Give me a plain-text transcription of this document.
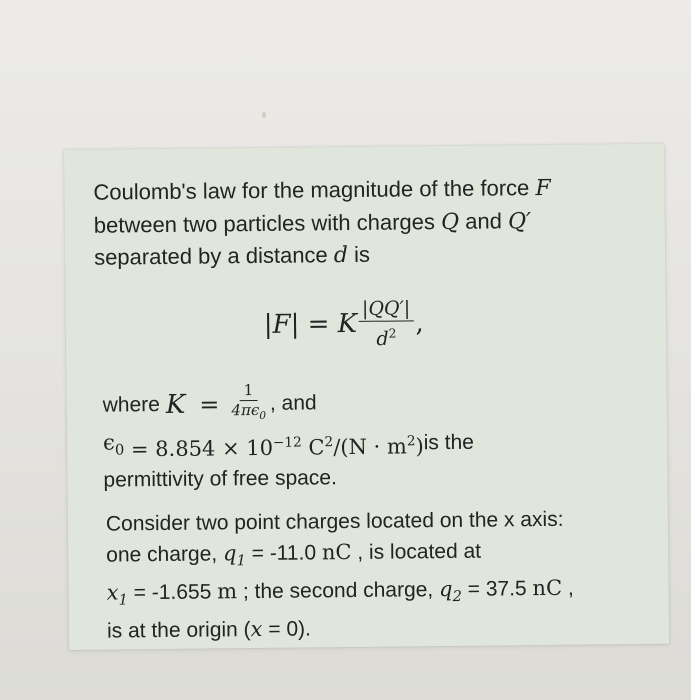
Coulomb's law for the magnitude of the force F
between two particles with charges Q and Q′
separated by a distance d is
|F| = K $\frac{|QQ'|}{d^2}$ ,
where $K = \frac{1}{4\pi\epsilon_0}$ , and
$\epsilon_0 = 8.854 \times 10^{-12}$ $C^2/(N \cdot m^2)$ is the
permittivity of free space.
Consider two point charges located on the x axis:
one charge, $q_1 = -11.0$ nC , is located at
$x_1 = -1.655$ m ; the second charge, $q_2 = 37.5$ nC ,
is at the origin (x = 0).
